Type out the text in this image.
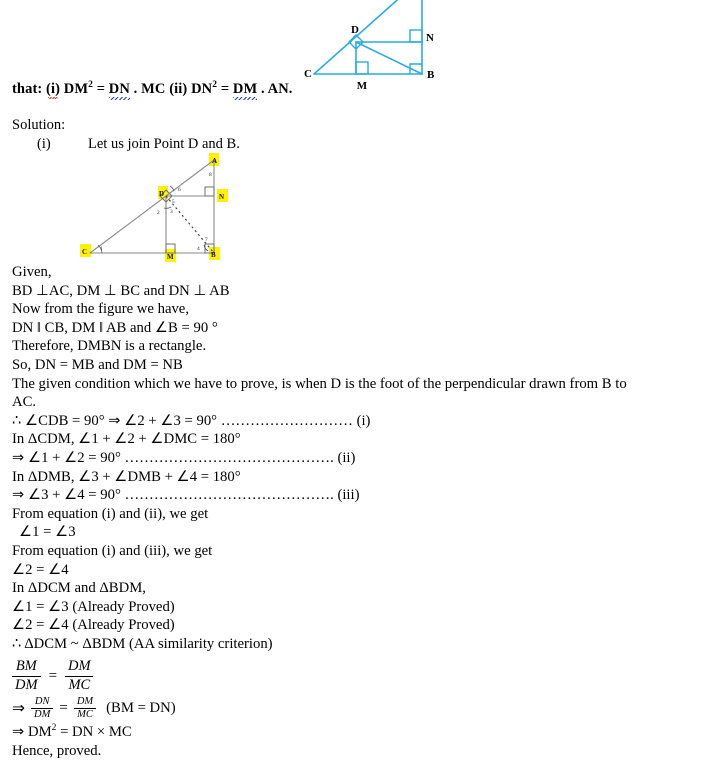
D
N
C
M
B
that: (i) $DM^2$ = DN . MC (ii) $DN^2$ = DM . AN.
Solution:
(i)	Let us join Point D and B.
A
D	N
C
M	B
1
2 3
4
5
6
7
8
Given,
BD ⊥AC, DM ⊥ BC and DN ⊥ AB
Now from the figure we have,
DN ‖ CB, DM ‖ AB and ∠B = 90 °
Therefore, DMBN is a rectangle.
So, DN = MB and DM = NB
The given condition which we have to prove, is when D is the foot of the perpendicular drawn from B to
AC.
∴ ∠CDB = 90° ⇒ ∠2 + ∠3 = 90° ……………………… (i)
In ΔCDM, ∠1 + ∠2 + ∠DMC = 180°
⇒ ∠1 + ∠2 = 90° ……………………………………. (ii)
In ΔDMB, ∠3 + ∠DMB + ∠4 = 180°
⇒ ∠3 + ∠4 = 90° ……………………………………. (iii)
From equation (i) and (ii), we get
∠1 = ∠3
From equation (i) and (iii), we get
∠2 = ∠4
In ΔDCM and ΔBDM,
∠1 = ∠3 (Already Proved)
∠2 = ∠4 (Already Proved)
∴ ΔDCM ~ ΔBDM (AA similarity criterion)
$\frac{BM}{DM} = \frac{DM}{MC}$
⇒ $\frac{DN}{DM} = \frac{DM}{MC} (BM = DN)$
⇒ $DM^2$ = DN × MC
Hence, proved.
